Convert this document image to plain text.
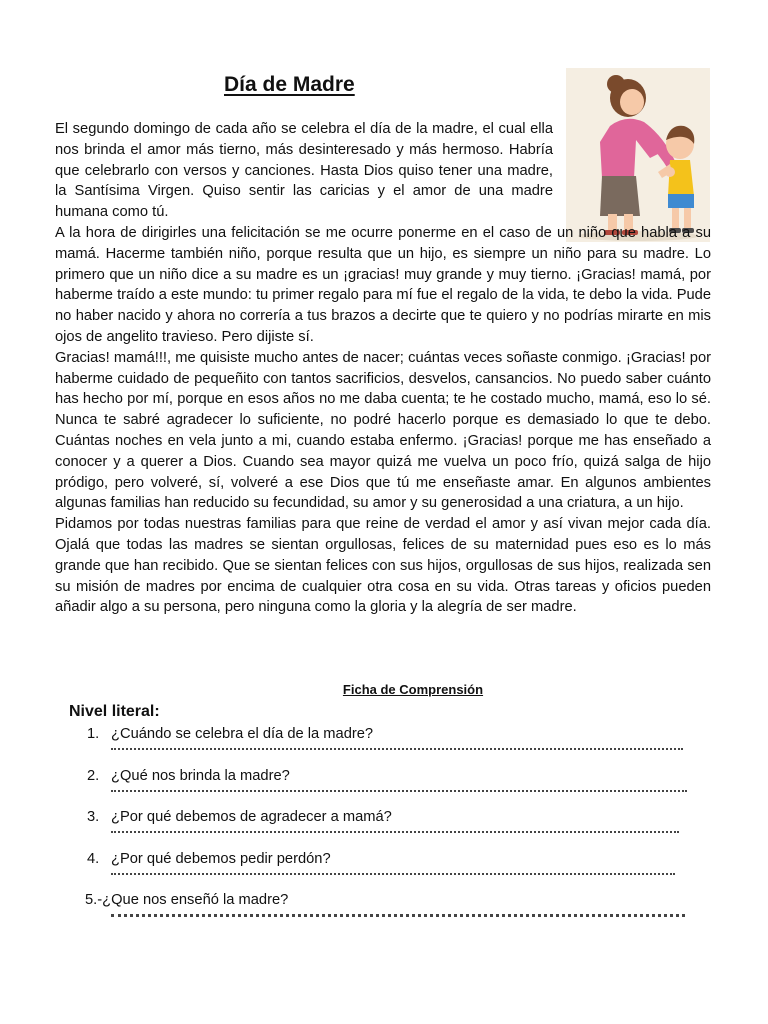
Día de Madre

El segundo domingo de cada año se celebra el día de la madre, el cual ella nos brinda el amor más tierno, más desinteresado y más hermoso. Habría que celebrarlo con versos y canciones. Hasta Dios quiso tener una madre, la Santísima Virgen. Quiso sentir las caricias y el amor de una madre humana como tú.

A la hora de dirigirles una felicitación se me ocurre ponerme en el caso de un niño que habla a su mamá. Hacerme también niño, porque resulta que un hijo, es siempre un niño para su madre. Lo primero que un niño dice a su madre es un ¡gracias! muy grande y muy tierno. ¡Gracias! mamá, por haberme traído a este mundo: tu primer regalo para mí fue el regalo de la vida, te debo la vida. Pude no haber nacido y ahora no correría a tus brazos a decirte que te quiero y no podrías mirarte en mis ojos de angelito travieso. Pero dijiste sí.

Gracias! mamá!!!, me quisiste mucho antes de nacer; cuántas veces soñaste conmigo. ¡Gracias! por haberme cuidado de pequeñito con tantos sacrificios, desvelos, cansancios. No puedo saber cuánto has hecho por mí, porque en esos años no me daba cuenta; te he costado mucho, mamá, eso lo sé. Nunca te sabré agradecer lo suficiente, no podré hacerlo porque es demasiado lo que te debo. Cuántas noches en vela junto a mi, cuando estaba enfermo. ¡Gracias! porque me has enseñado a conocer y a querer a Dios. Cuando sea mayor quizá me vuelva un poco frío, quizá salga de hijo pródigo, pero volveré, sí, volveré a ese Dios que tú me enseñaste amar. En algunos ambientes algunas familias han reducido su fecundidad, su amor y su generosidad a una criatura, a un hijo.

Pidamos por todas nuestras familias para que reine de verdad el amor y así vivan mejor cada día. Ojalá que todas las madres se sientan orgullosas, felices de su maternidad pues eso es lo más grande que han recibido. Que se sientan felices con sus hijos, orgullosas de sus hijos, realizada sen su misión de madres por encima de cualquier otra cosa en su vida. Otras tareas y oficios pueden añadir algo a su persona, pero ninguna como la gloria y la alegría de ser madre.

Ficha de Comprensión
Nivel literal:
1. ¿Cuándo se celebra el día de la madre?
2. ¿Qué nos brinda la madre?
3. ¿Por qué debemos de agradecer a mamá?
4. ¿Por qué debemos pedir perdón?
5.-¿Que nos enseñó la madre?
